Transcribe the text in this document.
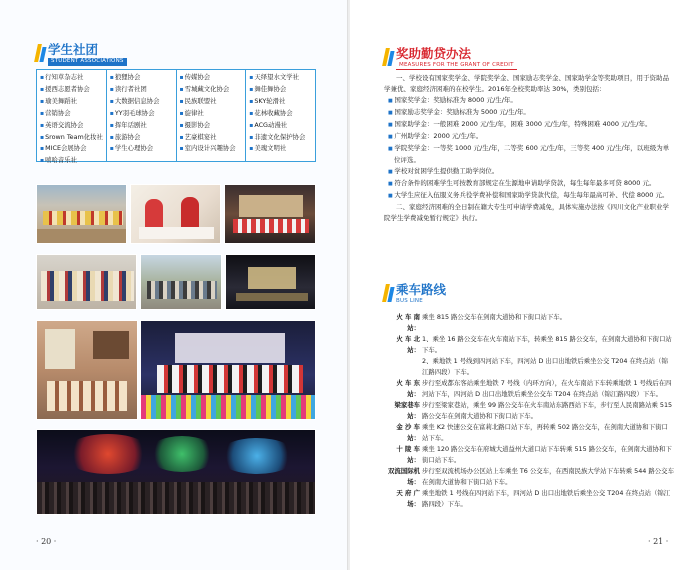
学生社团
STUDENT ASSOCIATIONS
▪ 行知草杂志社
▪ 援西志愿者协会
▪ 瑜美舞蹈社
▪ 营销协会
▪ 英语交流协会
▪ Srown Team化妆社
▪ MICE会展协会
▪ 嘻哈音乐社
▪ 狼狸协会
▪ 读行者社团
▪ 大数据信息协会
▪ YY羽毛球协会
▪ 挥年话剧社
▪ 旅游协会
▪ 学生心理协会
▪ 传媒协会
▪ 雪城藏文化协会
▪ 民族联盟社
▪ 旋律社
▪ 摄影协会
▪ 艺豪棋宴社
▪ 室内设计兴趣协会
▪ 天绎望水文学社
▪ 舞佳舞协会
▪ SKY轮滑社
▪ 花林收藏协会
▪ ACG动漫社
▪ 非遗文化保护协会
▪ 美瑰文明社
· 20 ·
奖助勤贷办法
MEASURES FOR THE GRANT OF CREDIT

一、学校设有国家奖学金、学院奖学金、国家励志奖学金、国家助学金等奖助项目，用于资助品学兼优、家庭经济困难的在校学生。2016年全校奖助率达 30%，类别包括：

■ 国家奖学金：奖励标准为 8000 元/生/年。

■ 国家励志奖学金：奖励标准为 5000 元/生/年。

■ 国家助学金：一般困难 2000 元/生/年，困难 3000 元/生/年，特殊困难 4000 元/生/年。

■ 广州助学金：2000 元/生/年。

■ 学院奖学金：一等奖 1000 元/生/年，二等奖 600 元/生/年，三等奖 400 元/生/年，以班级为单位评选。

■ 学校对贫困学生提供勤工助学岗位。

■ 符合条件的困难学生可按教育部规定在生源地申请助学贷款，每生每年最多可贷 8000 元。

■ 大学生应征入伍服义务兵役学费补偿和国家助学贷款代偿，每生每年最高可补、代偿 8000 元。

二、家庭经济困难的全日制在籍大专生可申请学费减免，具体实施办法按《四川文化产业职业学院学生学费减免暂行规定》执行。

乘车路线
BUS LINE
火 车 南 站：

乘坐 815 路公交车在剑南大道协和下街口站下车。

火 车 北 站：

1、乘坐 16 路公交车在火车南站下车，转乘坐 815 路公交车，在剑南大道协和下街口站下车。

2、乘地铁 1 号线到四河站下车，四河站 D 出口出地铁后乘坐公交 T204 在终点站（锦江路四段）下车。

火 车 东 站：

步行至成都东客站乘坐地铁 7 号线（内环方向），在火车南站下车转乘地铁 1 号线后在四河站下车，四河站 D 出口出地铁后乘坐公交车 T204 在终点站（锦江路四段）下车。

梁家巷车站：

步行至梁家巷站，乘坐 99 路公交车在火车南站东路西站下车，步行至人民南路站乘 515 路公交车在剑南大道协和下街口站下车。

金 沙 车 站：

乘坐 K2 快速公交在富莉北路口站下车，再转乘 502 路公交车，在剑南大道协和下街口站下车。

十 陵 车 站：

乘坐 120 路公交车在府城大道益州大道口站下车转乘 515 路公交车，在剑南大道协和下街口站下车。

双流国际机场：

步行至双流机场办公区站上车乘坐 T6 公交车，在西南民族大学站下车转乘 544 路公交车在剑南大道协和下街口站下车。

天 府 广 场：

乘坐地铁 1 号线在四河站下车，四河站 D 出口出地铁后乘坐公交 T204 在终点站（锦江路四段）下车。

· 21 ·
